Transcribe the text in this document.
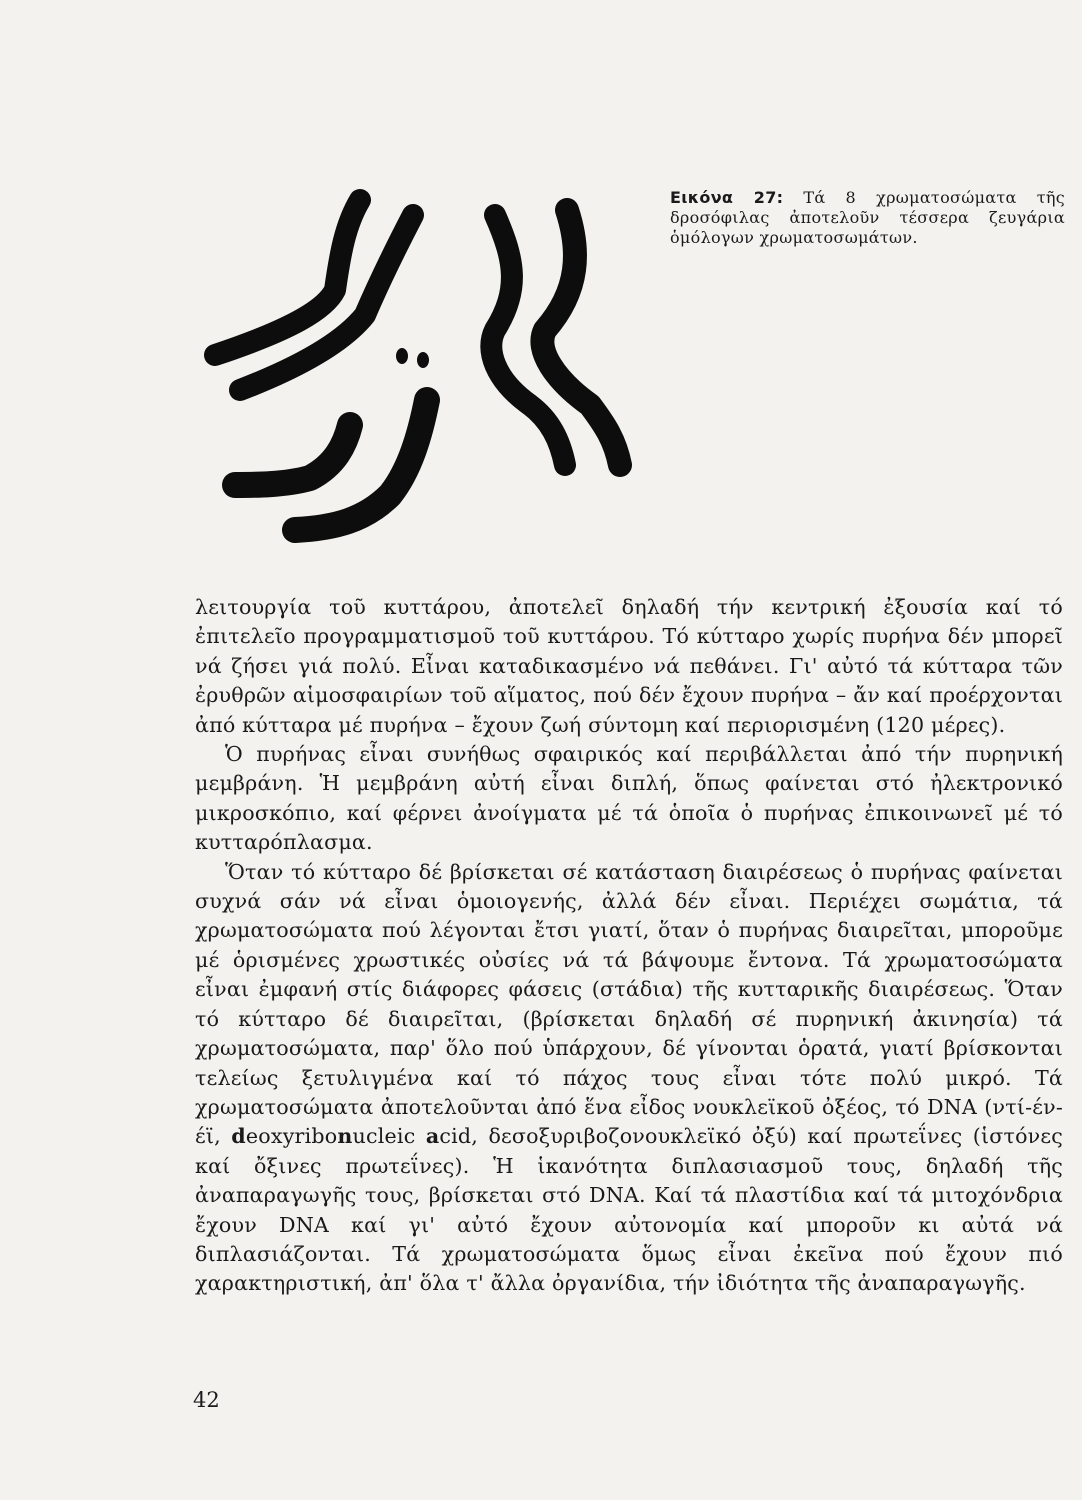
Εικόνα 27: Τά 8 χρωματοσώματα τῆς δροσόφιλας ἀποτελοῦν τέσσερα ζευγάρια ὁμόλογων χρωματοσωμάτων.

λειτουργία τοῦ κυττάρου, ἀποτελεῖ δηλαδή τήν κεντρική ἐξουσία καί τό ἐπιτελεῖο προγραμματισμοῦ τοῦ κυττάρου. Τό κύτταρο χωρίς πυρήνα δέν μπορεῖ νά ζήσει γιά πολύ. Εἶναι καταδικασμένο νά πεθάνει. Γι' αὐτό τά κύτταρα τῶν ἐρυθρῶν αἱμοσφαιρίων τοῦ αἵματος, πού δέν ἔχουν πυρήνα – ἄν καί προέρχονται ἀπό κύτταρα μέ πυρήνα – ἔχουν ζωή σύντομη καί περιορισμένη (120 μέρες).

Ὁ πυρήνας εἶναι συνήθως σφαιρικός καί περιβάλλεται ἀπό τήν πυρηνική μεμβράνη. Ἡ μεμβράνη αὐτή εἶναι διπλή, ὅπως φαίνεται στό ἠλεκτρονικό μικροσκόπιο, καί φέρνει ἀνοίγματα μέ τά ὁποῖα ὁ πυρήνας ἐπικοινωνεῖ μέ τό κυτταρόπλασμα.

Ὅταν τό κύτταρο δέ βρίσκεται σέ κατάσταση διαιρέσεως ὁ πυρήνας φαίνεται συχνά σάν νά εἶναι ὁμοιογενής, ἀλλά δέν εἶναι. Περιέχει σωμάτια, τά χρωματοσώματα πού λέγονται ἔτσι γιατί, ὅταν ὁ πυρήνας διαιρεῖται, μποροῦμε μέ ὁρισμένες χρωστικές οὐσίες νά τά βάψουμε ἔντονα. Τά χρωματοσώματα εἶναι ἐμφανή στίς διάφορες φάσεις (στάδια) τῆς κυτταρικῆς διαιρέσεως. Ὅταν τό κύτταρο δέ διαιρεῖται, (βρίσκεται δηλαδή σέ πυρηνική ἀκινησία) τά χρωματοσώματα, παρ' ὅλο πού ὑπάρχουν, δέ γίνονται ὁρατά, γιατί βρίσκονται τελείως ξετυλιγμένα καί τό πάχος τους εἶναι τότε πολύ μικρό. Τά χρωματοσώματα ἀποτελοῦνται ἀπό ἕνα εἶδος νουκλεϊκοῦ ὀξέος, τό DNA (ντί-έν-έϊ, deoxyribonucleic acid, δεσοξυριβοζονουκλεϊκό ὀξύ) καί πρωτεΐνες (ἱστόνες καί ὄξινες πρωτεΐνες). Ἡ ἱκανότητα διπλασιασμοῦ τους, δηλαδή τῆς ἀναπαραγωγῆς τους, βρίσκεται στό DNA. Καί τά πλαστίδια καί τά μιτοχόνδρια ἔχουν DNA καί γι' αὐτό ἔχουν αὐτονομία καί μποροῦν κι αὐτά νά διπλασιάζονται. Τά χρωματοσώματα ὅμως εἶναι ἐκεῖνα πού ἔχουν πιό χαρακτηριστική, ἀπ' ὅλα τ' ἄλλα ὀργανίδια, τήν ἰδιότητα τῆς ἀναπαραγωγῆς.

42
